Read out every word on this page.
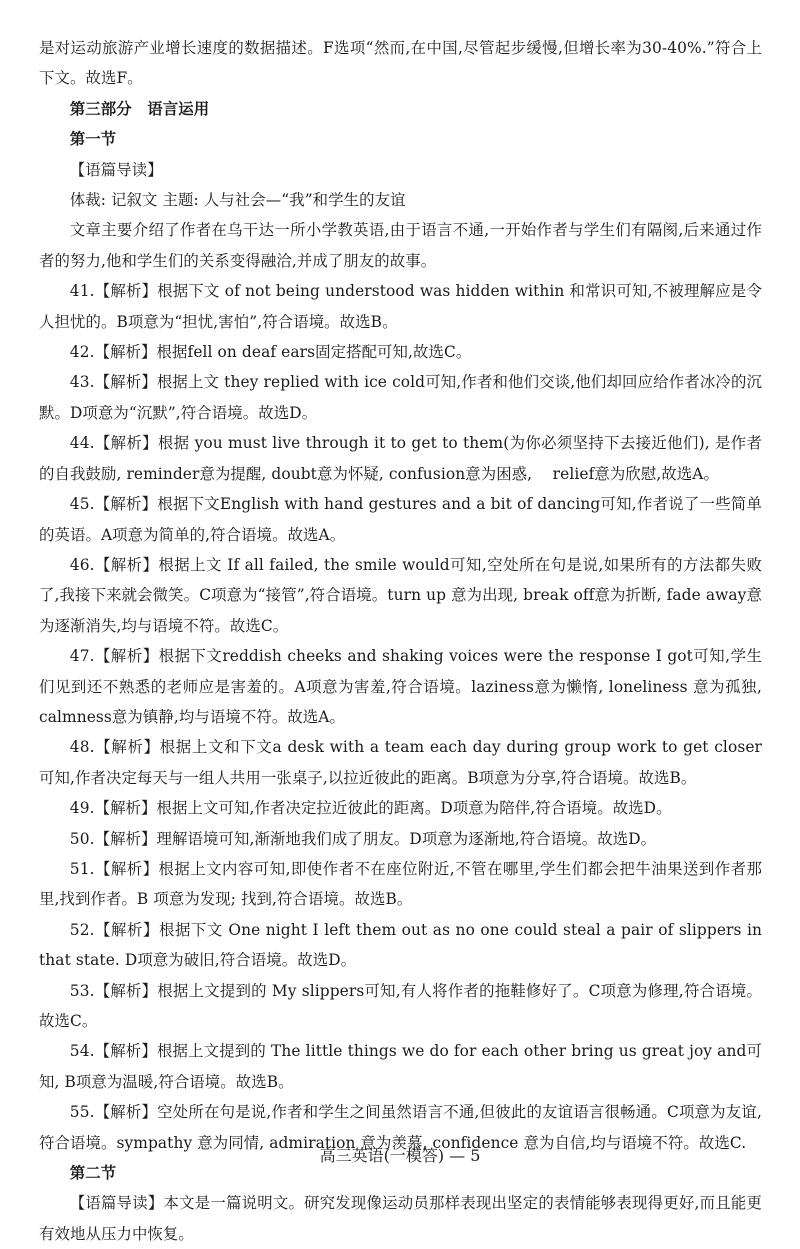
是对运动旅游产业增长速度的数据描述。F选项“然而,在中国,尽管起步缓慢,但增长率为30-40%.”符合上下文。故选F。

第三部分　语言运用

第一节

【语篇导读】

体裁: 记叙文 主题: 人与社会—“我”和学生的友谊

文章主要介绍了作者在乌干达一所小学教英语,由于语言不通,一开始作者与学生们有隔阂,后来通过作者的努力,他和学生们的关系变得融洽,并成了朋友的故事。

41.【解析】根据下文 of not being understood was hidden within 和常识可知,不被理解应是令人担忧的。B项意为“担忧,害怕”,符合语境。故选B。

42.【解析】根据fell on deaf ears固定搭配可知,故选C。

43.【解析】根据上文 they replied with ice cold可知,作者和他们交谈,他们却回应给作者冰冷的沉默。D项意为“沉默”,符合语境。故选D。

44.【解析】根据 you must live through it to get to them(为你必须坚持下去接近他们), 是作者的自我鼓励, reminder意为提醒, doubt意为怀疑, confusion意为困惑,　 relief意为欣慰,故选A。

45.【解析】根据下文English with hand gestures and a bit of dancing可知,作者说了一些简单的英语。A项意为简单的,符合语境。故选A。

46.【解析】根据上文 If all failed, the smile would可知,空处所在句是说,如果所有的方法都失败了,我接下来就会微笑。C项意为“接管”,符合语境。turn up 意为出现, break off意为折断, fade away意为逐渐消失,均与语境不符。故选C。

47.【解析】根据下文reddish cheeks and shaking voices were the response I got可知,学生们见到还不熟悉的老师应是害羞的。A项意为害羞,符合语境。laziness意为懒惰, loneliness 意为孤独, calmness意为镇静,均与语境不符。故选A。

48.【解析】根据上文和下文a desk with a team each day during group work to get closer可知,作者决定每天与一组人共用一张桌子,以拉近彼此的距离。B项意为分享,符合语境。故选B。

49.【解析】根据上文可知,作者决定拉近彼此的距离。D项意为陪伴,符合语境。故选D。

50.【解析】理解语境可知,渐渐地我们成了朋友。D项意为逐渐地,符合语境。故选D。

51.【解析】根据上文内容可知,即使作者不在座位附近,不管在哪里,学生们都会把牛油果送到作者那里,找到作者。B 项意为发现; 找到,符合语境。故选B。

52.【解析】根据下文 One night I left them out as no one could steal a pair of slippers in that state. D项意为破旧,符合语境。故选D。

53.【解析】根据上文提到的 My slippers可知,有人将作者的拖鞋修好了。C项意为修理,符合语境。故选C。

54.【解析】根据上文提到的 The little things we do for each other bring us great joy and可知, B项意为温暖,符合语境。故选B。

55.【解析】空处所在句是说,作者和学生之间虽然语言不通,但彼此的友谊语言很畅通。C项意为友谊,符合语境。sympathy 意为同情, admiration 意为羡慕, confidence 意为自信,均与语境不符。故选C.

第二节

【语篇导读】本文是一篇说明文。研究发现像运动员那样表现出坚定的表情能够表现得更好,而且能更有效地从压力中恢复。

高三英语(一模答) — 5
